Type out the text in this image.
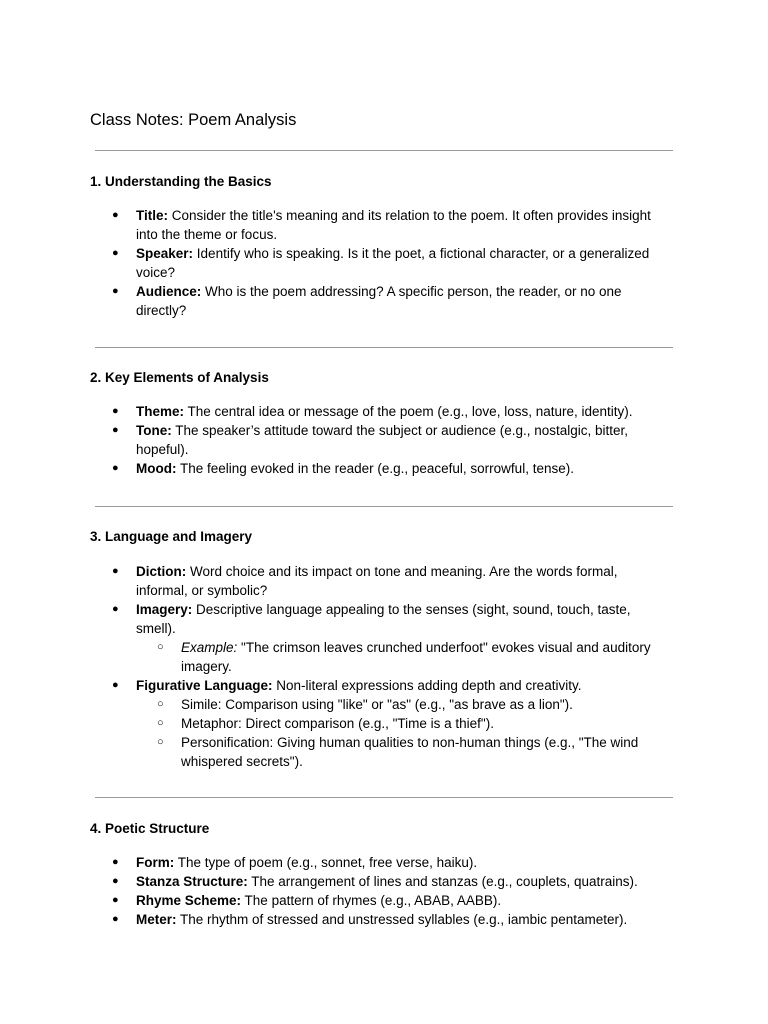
Class Notes: Poem Analysis
1. Understanding the Basics
● Title: Consider the title's meaning and its relation to the poem. It often provides insight into the theme or focus.
● Speaker: Identify who is speaking. Is it the poet, a fictional character, or a generalized voice?
● Audience: Who is the poem addressing? A specific person, the reader, or no one directly?
2. Key Elements of Analysis
● Theme: The central idea or message of the poem (e.g., love, loss, nature, identity).
● Tone: The speaker’s attitude toward the subject or audience (e.g., nostalgic, bitter, hopeful).
● Mood: The feeling evoked in the reader (e.g., peaceful, sorrowful, tense).
3. Language and Imagery
● Diction: Word choice and its impact on tone and meaning. Are the words formal, informal, or symbolic?
● Imagery: Descriptive language appealing to the senses (sight, sound, touch, taste, smell).
○ Example: "The crimson leaves crunched underfoot" evokes visual and auditory imagery.
● Figurative Language: Non-literal expressions adding depth and creativity.
○ Simile: Comparison using "like" or "as" (e.g., "as brave as a lion").
○ Metaphor: Direct comparison (e.g., "Time is a thief").
○ Personification: Giving human qualities to non-human things (e.g., "The wind whispered secrets").
4. Poetic Structure
● Form: The type of poem (e.g., sonnet, free verse, haiku).
● Stanza Structure: The arrangement of lines and stanzas (e.g., couplets, quatrains).
● Rhyme Scheme: The pattern of rhymes (e.g., ABAB, AABB).
● Meter: The rhythm of stressed and unstressed syllables (e.g., iambic pentameter).
